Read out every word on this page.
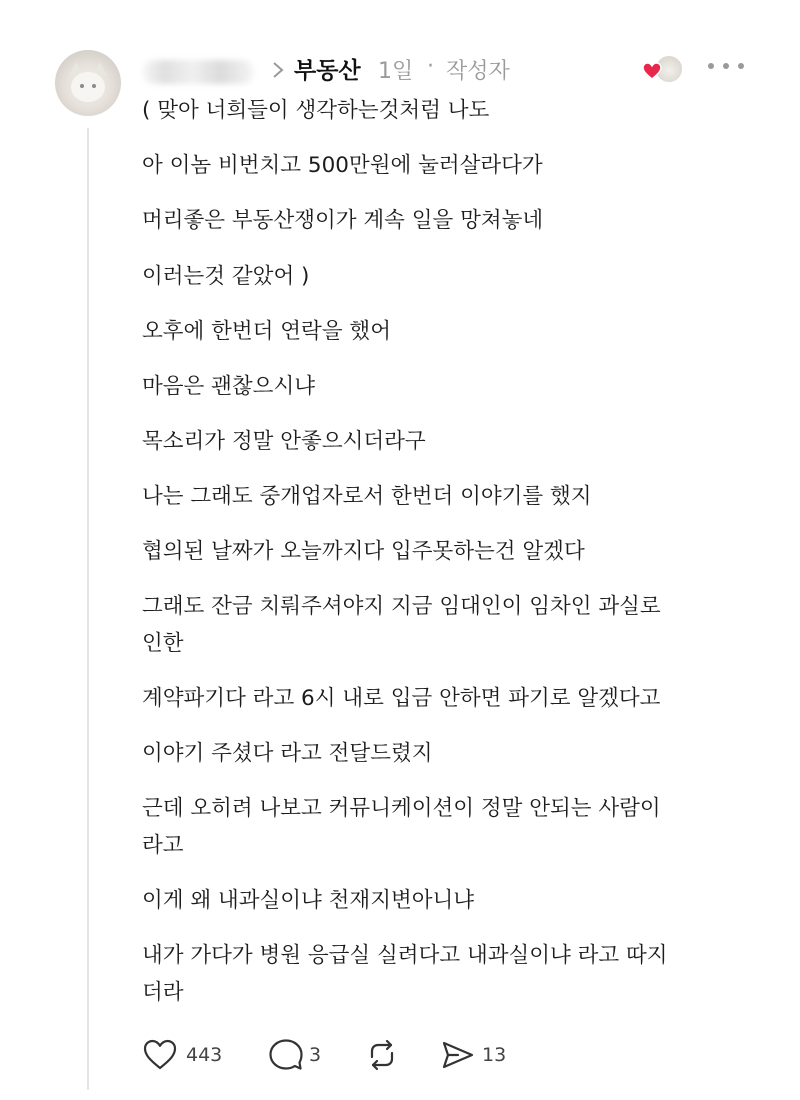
부동산 1일 · 작성자
( 맞아 너희들이 생각하는것처럼 나도
아 이놈 비번치고 500만원에 눌러살라다가
머리좋은 부동산쟁이가 계속 일을 망쳐놓네
이러는것 같았어 )
오후에 한번더 연락을 했어
마음은 괜찮으시냐
목소리가 정말 안좋으시더라구
나는 그래도 중개업자로서 한번더 이야기를 했지
협의된 날짜가 오늘까지다 입주못하는건 알겠다
그래도 잔금 치뤄주셔야지 지금 임대인이 임차인 과실로
인한
계약파기다 라고 6시 내로 입금 안하면 파기로 알겠다고
이야기 주셨다 라고 전달드렸지
근데 오히려 나보고 커뮤니케이션이 정말 안되는 사람이
라고
이게 왜 내과실이냐 천재지변아니냐
내가 가다가 병원 응급실 실려다고 내과실이냐 라고 따지
더라
443	3	13
